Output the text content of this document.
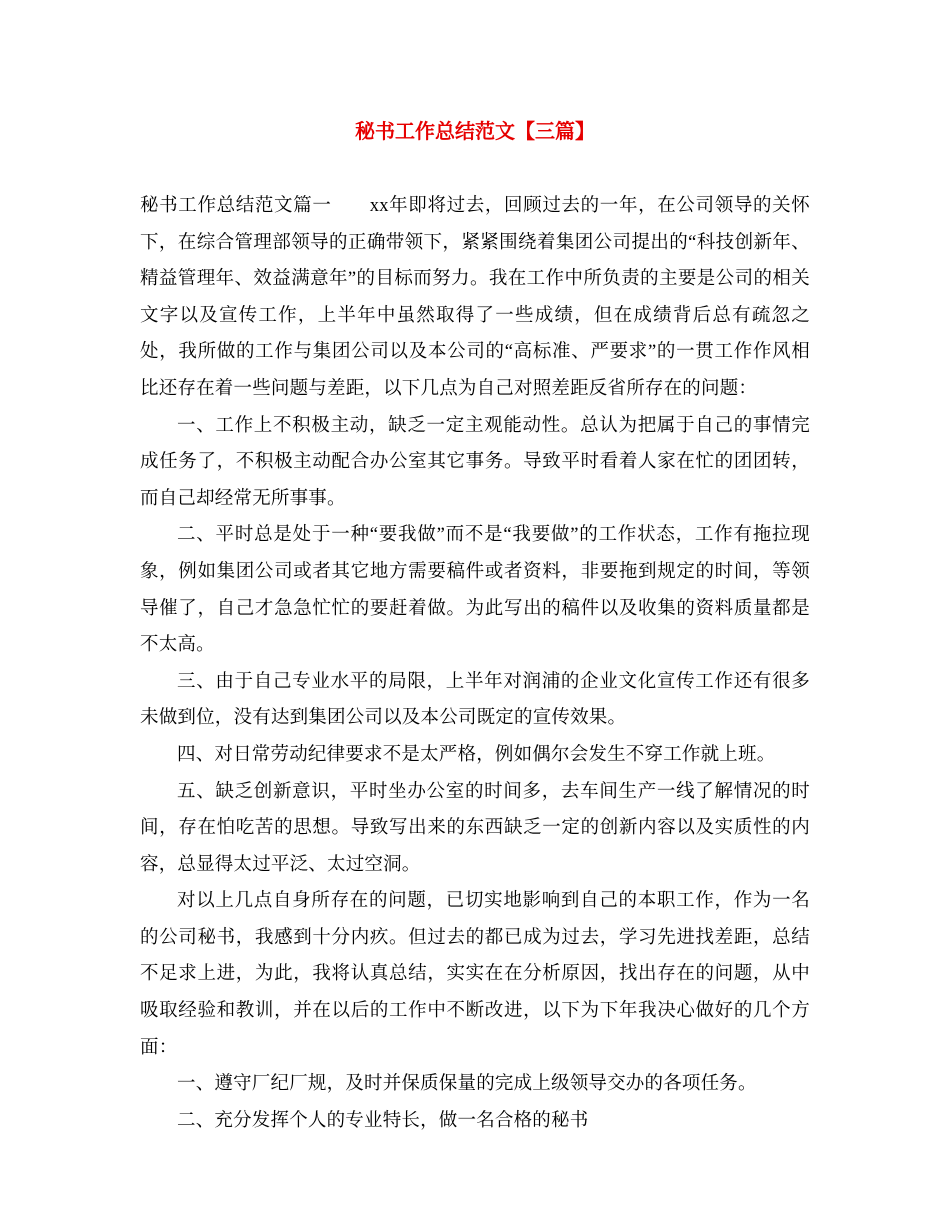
秘书工作总结范文【三篇】

秘书工作总结范文篇一　　xx年即将过去，回顾过去的一年，在公司领导的关怀下，在综合管理部领导的正确带领下，紧紧围绕着集团公司提出的“科技创新年、精益管理年、效益满意年”的目标而努力。我在工作中所负责的主要是公司的相关文字以及宣传工作，上半年中虽然取得了一些成绩，但在成绩背后总有疏忽之处，我所做的工作与集团公司以及本公司的“高标准、严要求”的一贯工作作风相比还存在着一些问题与差距，以下几点为自己对照差距反省所存在的问题：

一、工作上不积极主动，缺乏一定主观能动性。总认为把属于自己的事情完成任务了，不积极主动配合办公室其它事务。导致平时看着人家在忙的团团转，而自己却经常无所事事。

二、平时总是处于一种“要我做”而不是“我要做”的工作状态，工作有拖拉现象，例如集团公司或者其它地方需要稿件或者资料，非要拖到规定的时间，等领导催了，自己才急急忙忙的要赶着做。为此写出的稿件以及收集的资料质量都是不太高。

三、由于自己专业水平的局限，上半年对润浦的企业文化宣传工作还有很多未做到位，没有达到集团公司以及本公司既定的宣传效果。

四、对日常劳动纪律要求不是太严格，例如偶尔会发生不穿工作就上班。

五、缺乏创新意识，平时坐办公室的时间多，去车间生产一线了解情况的时间，存在怕吃苦的思想。导致写出来的东西缺乏一定的创新内容以及实质性的内容，总显得太过平泛、太过空洞。

对以上几点自身所存在的问题，已切实地影响到自己的本职工作，作为一名的公司秘书，我感到十分内疚。但过去的都已成为过去，学习先进找差距，总结不足求上进，为此，我将认真总结，实实在在分析原因，找出存在的问题，从中吸取经验和教训，并在以后的工作中不断改进，以下为下年我决心做好的几个方面：

一、遵守厂纪厂规，及时并保质保量的完成上级领导交办的各项任务。

二、充分发挥个人的专业特长，做一名合格的秘书
